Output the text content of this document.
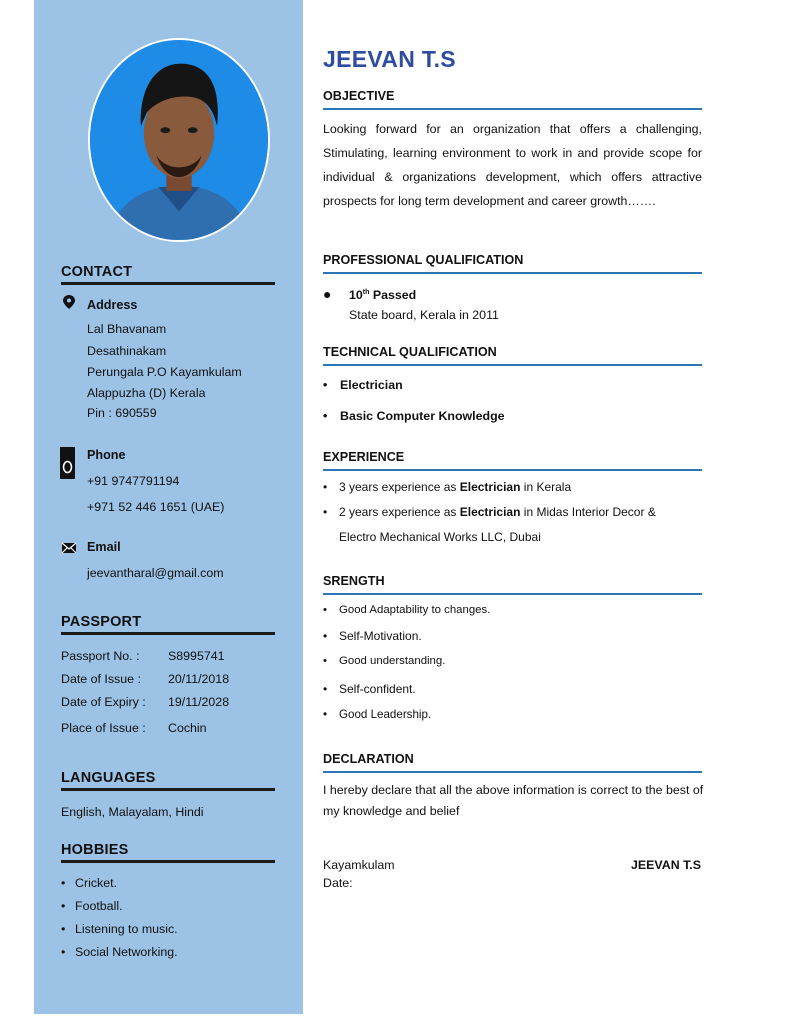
CONTACT
Address
Lal Bhavanam
Desathinakam
Perungala P.O Kayamkulam
Alappuzha (D) Kerala
Pin : 690559
Phone
+91 9747791194
+971 52 446 1651 (UAE)
Email
jeevantharal@gmail.com
PASSPORT
Passport No. : S8995741
Date of Issue : 20/11/2018
Date of Expiry : 19/11/2028
Place of Issue : Cochin
LANGUAGES
English, Malayalam, Hindi
HOBBIES
• Cricket.
• Football.
• Listening to music.
• Social Networking.
JEEVAN T.S
OBJECTIVE
Looking forward for an organization that offers a challenging, Stimulating, learning environment to work in and provide scope for individual & organizations development, which offers attractive prospects for long term development and career growth…….
PROFESSIONAL QUALIFICATION
● 10th Passed
State board, Kerala in 2011
TECHNICAL QUALIFICATION
• Electrician
• Basic Computer Knowledge
EXPERIENCE
• 3 years experience as Electrician in Kerala
• 2 years experience as Electrician in Midas Interior Decor &
Electro Mechanical Works LLC, Dubai
SRENGTH
• Good Adaptability to changes.
• Self-Motivation.
• Good understanding.
• Self-confident.
• Good Leadership.
DECLARATION
I hereby declare that all the above information is correct to the best of my knowledge and belief
Kayamkulam
Date:
JEEVAN T.S
